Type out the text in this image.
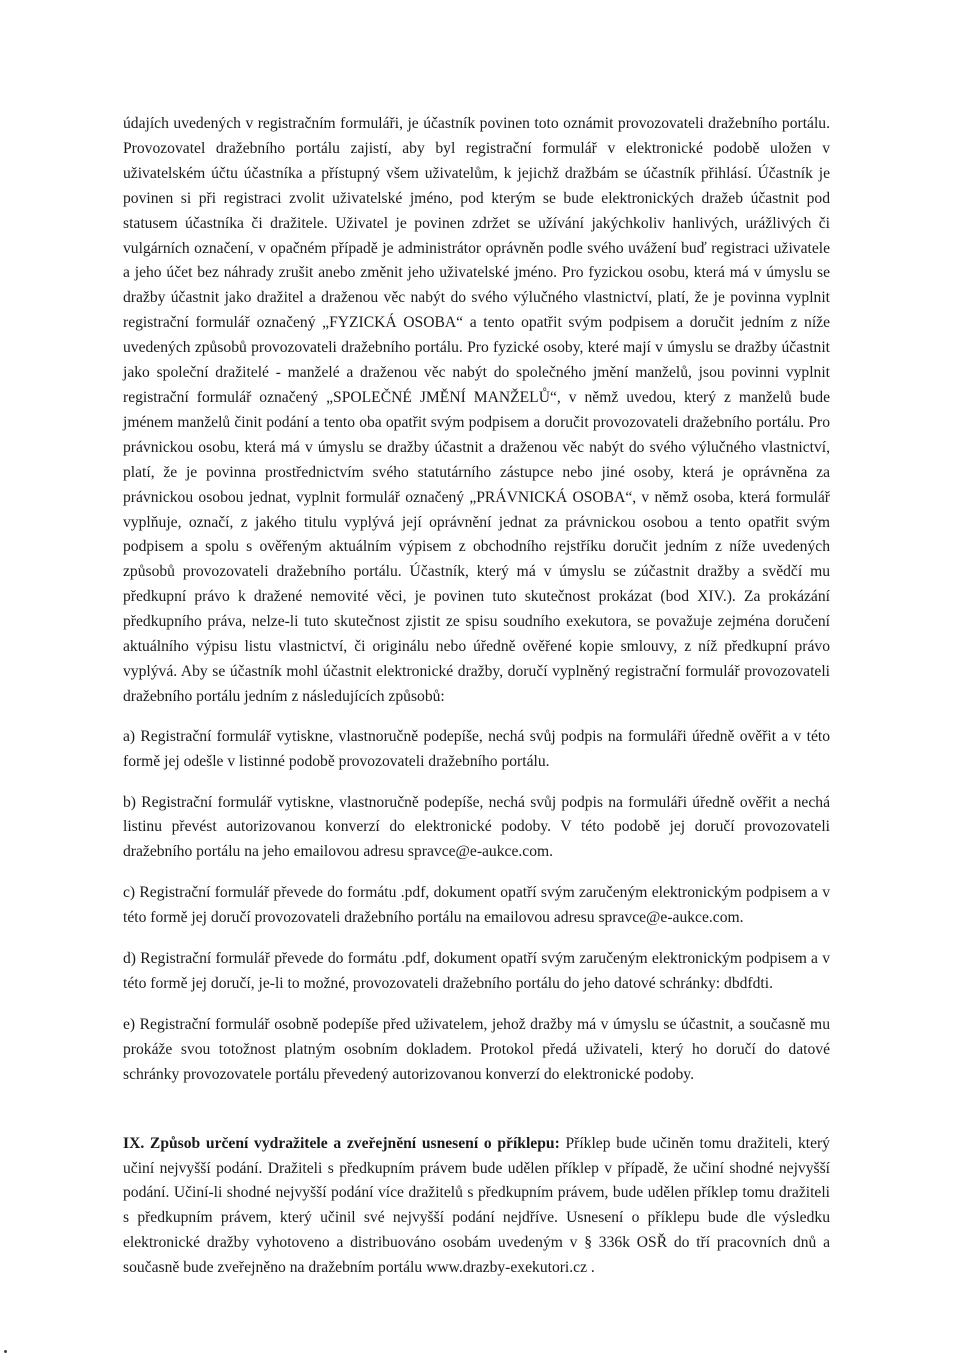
údajích uvedených v registračním formuláři, je účastník povinen toto oznámit provozovateli dražebního portálu. Provozovatel dražebního portálu zajistí, aby byl registrační formulář v elektronické podobě uložen v uživatelském účtu účastníka a přístupný všem uživatelům, k jejichž dražbám se účastník přihlásí. Účastník je povinen si při registraci zvolit uživatelské jméno, pod kterým se bude elektronických dražeb účastnit pod statusem účastníka či dražitele. Uživatel je povinen zdržet se užívání jakýchkoliv hanlivých, urážlivých či vulgárních označení, v opačném případě je administrátor oprávněn podle svého uvážení buď registraci uživatele a jeho účet bez náhrady zrušit anebo změnit jeho uživatelské jméno. Pro fyzickou osobu, která má v úmyslu se dražby účastnit jako dražitel a draženou věc nabýt do svého výlučného vlastnictví, platí, že je povinna vyplnit registrační formulář označený „FYZICKÁ OSOBA“ a tento opatřit svým podpisem a doručit jedním z níže uvedených způsobů provozovateli dražebního portálu. Pro fyzické osoby, které mají v úmyslu se dražby účastnit jako společní dražitelé - manželé a draženou věc nabýt do společného jmění manželů, jsou povinni vyplnit registrační formulář označený „SPOLEČNÉ JMĚNÍ MANŽELŮ“, v němž uvedou, který z manželů bude jménem manželů činit podání a tento oba opatřit svým podpisem a doručit provozovateli dražebního portálu. Pro právnickou osobu, která má v úmyslu se dražby účastnit a draženou věc nabýt do svého výlučného vlastnictví, platí, že je povinna prostřednictvím svého statutárního zástupce nebo jiné osoby, která je oprávněna za právnickou osobou jednat, vyplnit formulář označený „PRÁVNICKÁ OSOBA“, v němž osoba, která formulář vyplňuje, označí, z jakého titulu vyplývá její oprávnění jednat za právnickou osobou a tento opatřit svým podpisem a spolu s ověřeným aktuálním výpisem z obchodního rejstříku doručit jedním z níže uvedených způsobů provozovateli dražebního portálu. Účastník, který má v úmyslu se zúčastnit dražby a svědčí mu předkupní právo k dražené nemovité věci, je povinen tuto skutečnost prokázat (bod XIV.). Za prokázání předkupního práva, nelze-li tuto skutečnost zjistit ze spisu soudního exekutora, se považuje zejména doručení aktuálního výpisu listu vlastnictví, či originálu nebo úředně ověřené kopie smlouvy, z níž předkupní právo vyplývá. Aby se účastník mohl účastnit elektronické dražby, doručí vyplněný registrační formulář provozovateli dražebního portálu jedním z následujících způsobů:

a) Registrační formulář vytiskne, vlastnoručně podepíše, nechá svůj podpis na formuláři úředně ověřit a v této formě jej odešle v listinné podobě provozovateli dražebního portálu.

b) Registrační formulář vytiskne, vlastnoručně podepíše, nechá svůj podpis na formuláři úředně ověřit a nechá listinu převést autorizovanou konverzí do elektronické podoby. V této podobě jej doručí provozovateli dražebního portálu na jeho emailovou adresu spravce@e-aukce.com.

c) Registrační formulář převede do formátu .pdf, dokument opatří svým zaručeným elektronickým podpisem a v této formě jej doručí provozovateli dražebního portálu na emailovou adresu spravce@e-aukce.com.

d) Registrační formulář převede do formátu .pdf, dokument opatří svým zaručeným elektronickým podpisem a v této formě jej doručí, je-li to možné, provozovateli dražebního portálu do jeho datové schránky: dbdfdti.

e) Registrační formulář osobně podepíše před uživatelem, jehož dražby má v úmyslu se účastnit, a současně mu prokáže svou totožnost platným osobním dokladem. Protokol předá uživateli, který ho doručí do datové schránky provozovatele portálu převedený autorizovanou konverzí do elektronické podoby.

IX. Způsob určení vydražitele a zveřejnění usnesení o příklepu: Příklep bude učiněn tomu dražiteli, který učiní nejvyšší podání. Dražiteli s předkupním právem bude udělen příklep v případě, že učiní shodné nejvyšší podání. Učiní-li shodné nejvyšší podání více dražitelů s předkupním právem, bude udělen příklep tomu dražiteli s předkupním právem, který učinil své nejvyšší podání nejdříve. Usnesení o příklepu bude dle výsledku elektronické dražby vyhotoveno a distribuováno osobám uvedeným v § 336k OSŘ do tří pracovních dnů a současně bude zveřejněno na dražebním portálu www.drazby-exekutori.cz .
